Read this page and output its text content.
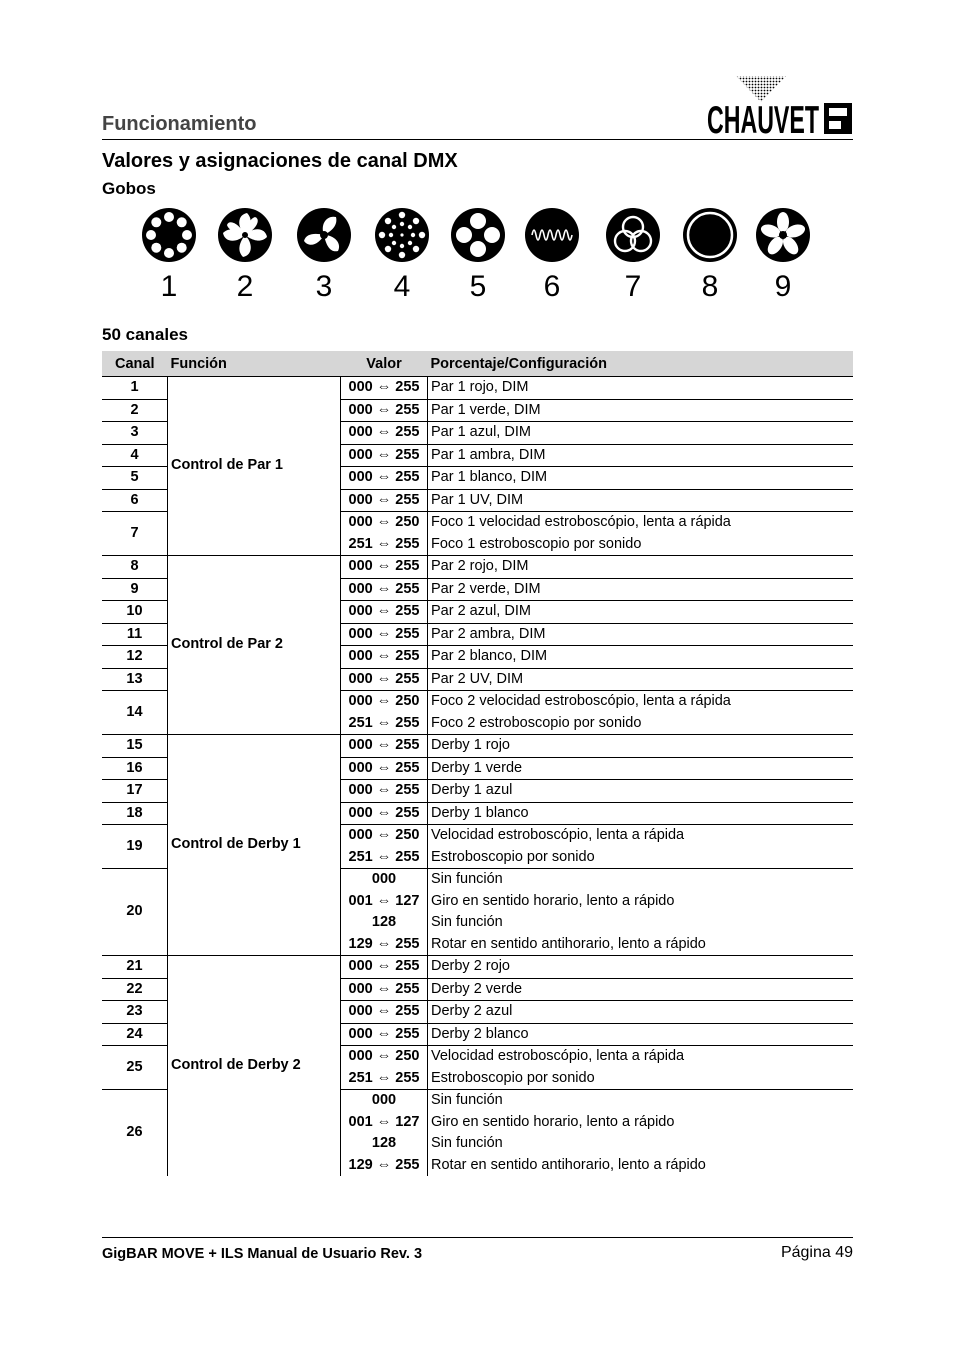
Funcionamiento	CHAUVET
Valores y asignaciones de canal DMX
Gobos
1	2	3	4	5	6	7	8	9
50 canales
Canal	Función	Valor	Porcentaje/Configuración
1	Control de Par 1	000 ⇔ 255	Par 1 rojo, DIM
2		000 ⇔ 255	Par 1 verde, DIM
3		000 ⇔ 255	Par 1 azul, DIM
4		000 ⇔ 255	Par 1 ambra, DIM
5		000 ⇔ 255	Par 1 blanco, DIM
6		000 ⇔ 255	Par 1 UV, DIM
7		000 ⇔ 250	Foco 1 velocidad estroboscópio, lenta a rápida
		251 ⇔ 255	Foco 1 estroboscopio por sonido
8	Control de Par 2	000 ⇔ 255	Par 2 rojo, DIM
9		000 ⇔ 255	Par 2 verde, DIM
10		000 ⇔ 255	Par 2 azul, DIM
11		000 ⇔ 255	Par 2 ambra, DIM
12		000 ⇔ 255	Par 2 blanco, DIM
13		000 ⇔ 255	Par 2 UV, DIM
14		000 ⇔ 250	Foco 2 velocidad estroboscópio, lenta a rápida
		251 ⇔ 255	Foco 2 estroboscopio por sonido
15	Control de Derby 1	000 ⇔ 255	Derby 1 rojo
16		000 ⇔ 255	Derby 1 verde
17		000 ⇔ 255	Derby 1 azul
18		000 ⇔ 255	Derby 1 blanco
19		000 ⇔ 250	Velocidad estroboscópio, lenta a rápida
		251 ⇔ 255	Estroboscopio por sonido
20		000	Sin función
		001 ⇔ 127	Giro en sentido horario, lento a rápido
		128	Sin función
		129 ⇔ 255	Rotar en sentido antihorario, lento a rápido
21	Control de Derby 2	000 ⇔ 255	Derby 2 rojo
22		000 ⇔ 255	Derby 2 verde
23		000 ⇔ 255	Derby 2 azul
24		000 ⇔ 255	Derby 2 blanco
25		000 ⇔ 250	Velocidad estroboscópio, lenta a rápida
		251 ⇔ 255	Estroboscopio por sonido
26		000	Sin función
		001 ⇔ 127	Giro en sentido horario, lento a rápido
		128	Sin función
		129 ⇔ 255	Rotar en sentido antihorario, lento a rápido
GigBAR MOVE + ILS Manual de Usuario Rev. 3	Página 49
